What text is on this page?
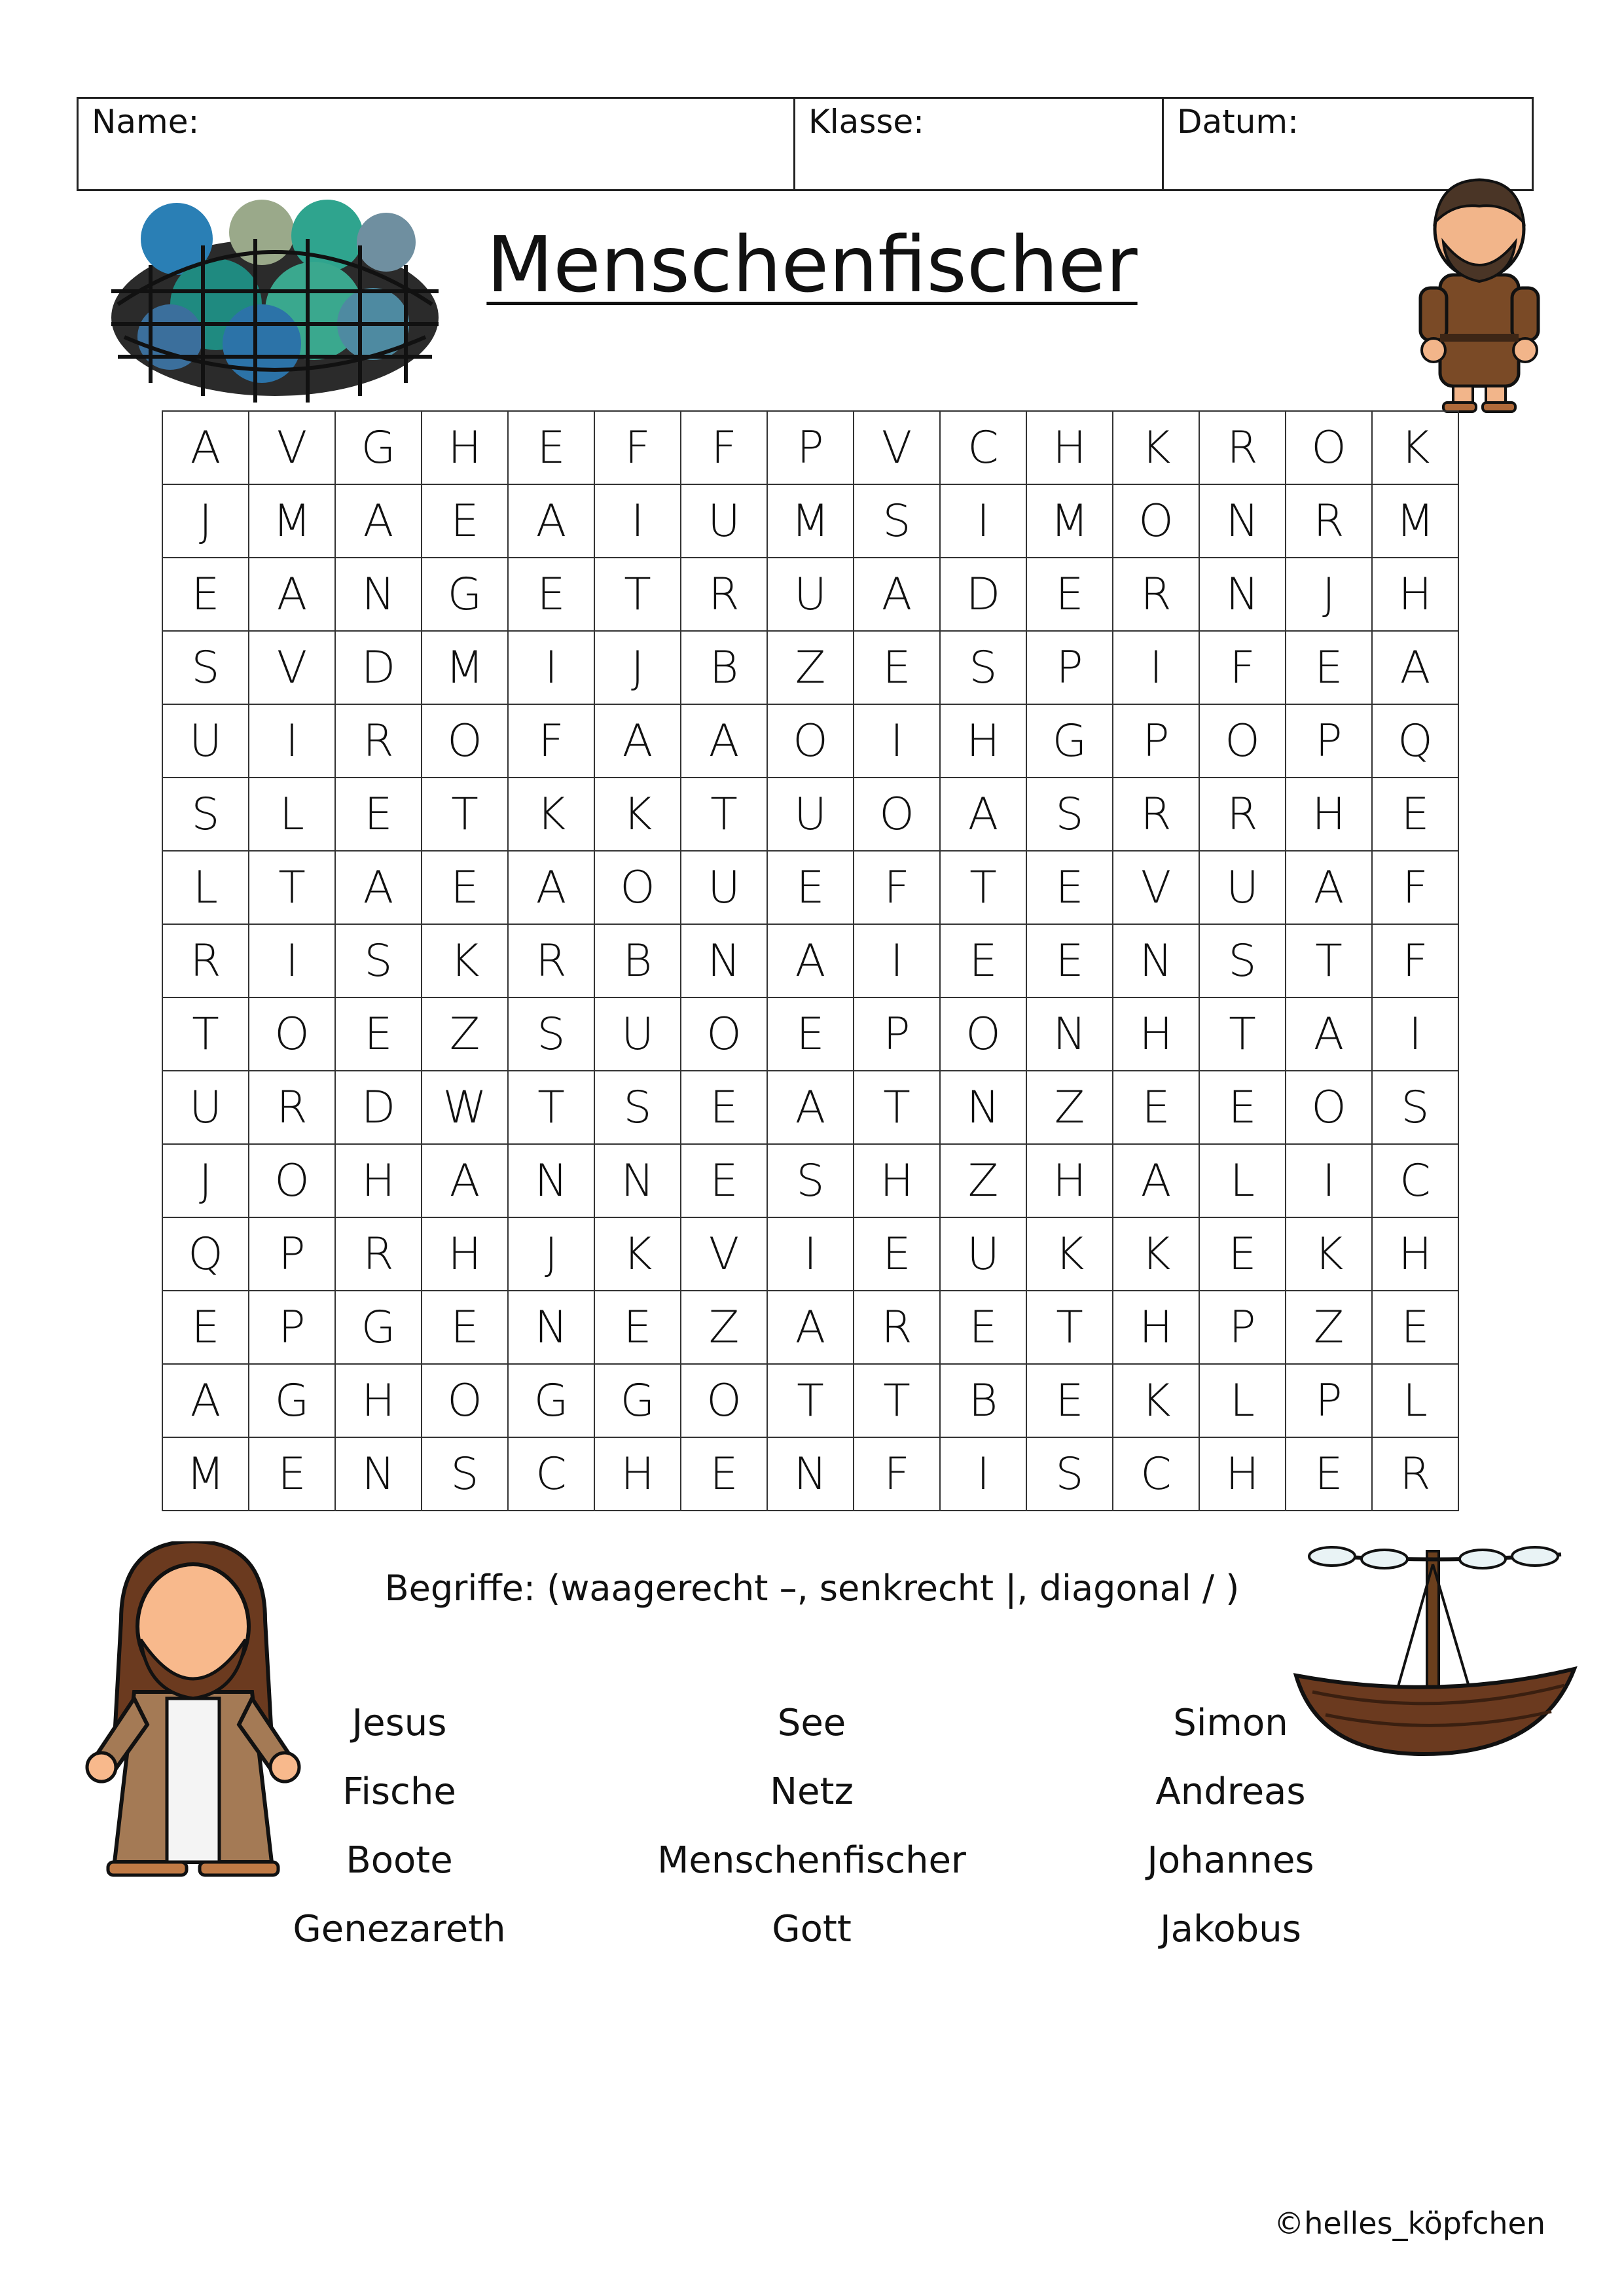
Name:	Klasse:	Datum:
Menschenfischer
A	V	G	H	E	F	F	P	V	C	H	K	R	O	K
J	M	A	E	A	I	U	M	S	I	M	O	N	R	M
E	A	N	G	E	T	R	U	A	D	E	R	N	J	H
S	V	D	M	I	J	B	Z	E	S	P	I	F	E	A
U	I	R	O	F	A	A	O	I	H	G	P	O	P	Q
S	L	E	T	K	K	T	U	O	A	S	R	R	H	E
L	T	A	E	A	O	U	E	F	T	E	V	U	A	F
R	I	S	K	R	B	N	A	I	E	E	N	S	T	F
T	O	E	Z	S	U	O	E	P	O	N	H	T	A	I
U	R	D	W	T	S	E	A	T	N	Z	E	E	O	S
J	O	H	A	N	N	E	S	H	Z	H	A	L	I	C
Q	P	R	H	J	K	V	I	E	U	K	K	E	K	H
E	P	G	E	N	E	Z	A	R	E	T	H	P	Z	E
A	G	H	O	G	G	O	T	T	B	E	K	L	P	L
M	E	N	S	C	H	E	N	F	I	S	C	H	E	R
Begriffe: (waagerecht –, senkrecht |, diagonal / )
Jesus	See	Simon
Fische	Netz	Andreas
Boote	Menschenfischer	Johannes
Genezareth	Gott	Jakobus
©helles_köpfchen
